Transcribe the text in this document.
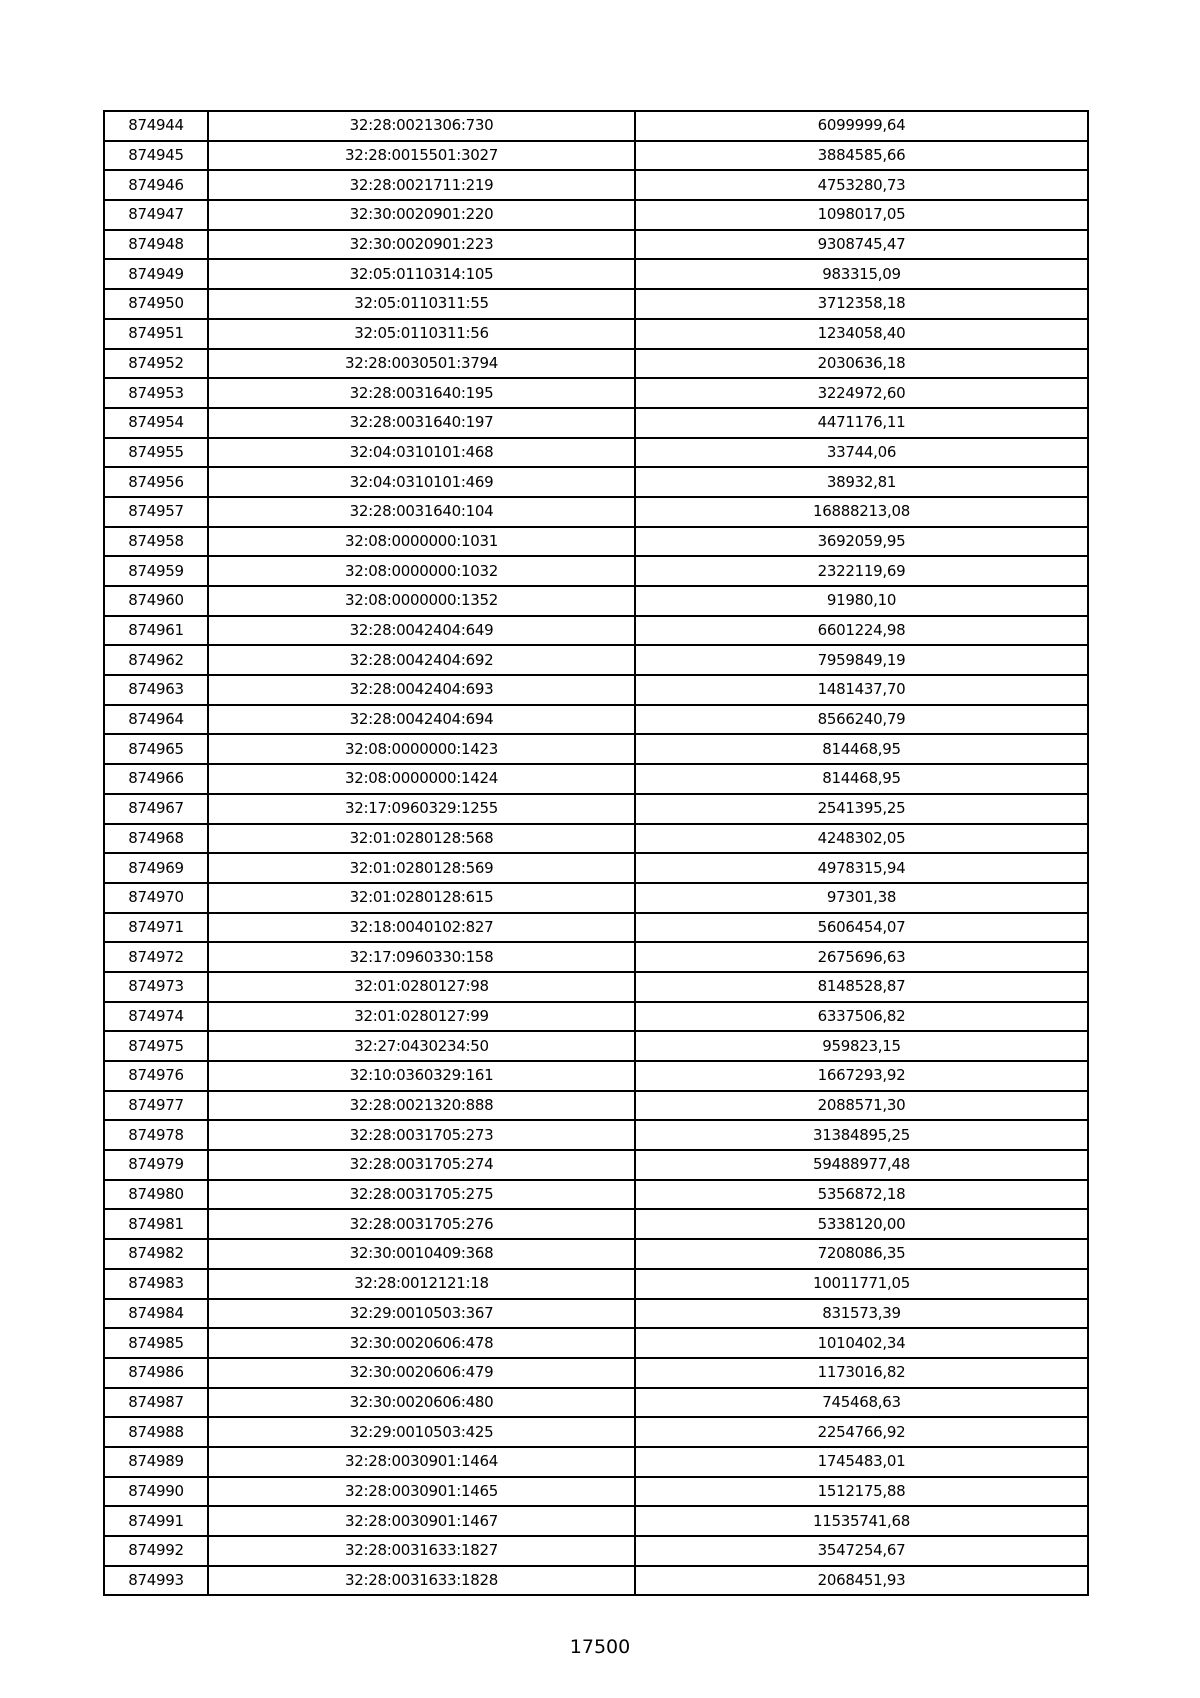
874944	32:28:0021306:730	6099999,64
874945	32:28:0015501:3027	3884585,66
874946	32:28:0021711:219	4753280,73
874947	32:30:0020901:220	1098017,05
874948	32:30:0020901:223	9308745,47
874949	32:05:0110314:105	983315,09
874950	32:05:0110311:55	3712358,18
874951	32:05:0110311:56	1234058,40
874952	32:28:0030501:3794	2030636,18
874953	32:28:0031640:195	3224972,60
874954	32:28:0031640:197	4471176,11
874955	32:04:0310101:468	33744,06
874956	32:04:0310101:469	38932,81
874957	32:28:0031640:104	16888213,08
874958	32:08:0000000:1031	3692059,95
874959	32:08:0000000:1032	2322119,69
874960	32:08:0000000:1352	91980,10
874961	32:28:0042404:649	6601224,98
874962	32:28:0042404:692	7959849,19
874963	32:28:0042404:693	1481437,70
874964	32:28:0042404:694	8566240,79
874965	32:08:0000000:1423	814468,95
874966	32:08:0000000:1424	814468,95
874967	32:17:0960329:1255	2541395,25
874968	32:01:0280128:568	4248302,05
874969	32:01:0280128:569	4978315,94
874970	32:01:0280128:615	97301,38
874971	32:18:0040102:827	5606454,07
874972	32:17:0960330:158	2675696,63
874973	32:01:0280127:98	8148528,87
874974	32:01:0280127:99	6337506,82
874975	32:27:0430234:50	959823,15
874976	32:10:0360329:161	1667293,92
874977	32:28:0021320:888	2088571,30
874978	32:28:0031705:273	31384895,25
874979	32:28:0031705:274	59488977,48
874980	32:28:0031705:275	5356872,18
874981	32:28:0031705:276	5338120,00
874982	32:30:0010409:368	7208086,35
874983	32:28:0012121:18	10011771,05
874984	32:29:0010503:367	831573,39
874985	32:30:0020606:478	1010402,34
874986	32:30:0020606:479	1173016,82
874987	32:30:0020606:480	745468,63
874988	32:29:0010503:425	2254766,92
874989	32:28:0030901:1464	1745483,01
874990	32:28:0030901:1465	1512175,88
874991	32:28:0030901:1467	11535741,68
874992	32:28:0031633:1827	3547254,67
874993	32:28:0031633:1828	2068451,93
17500
